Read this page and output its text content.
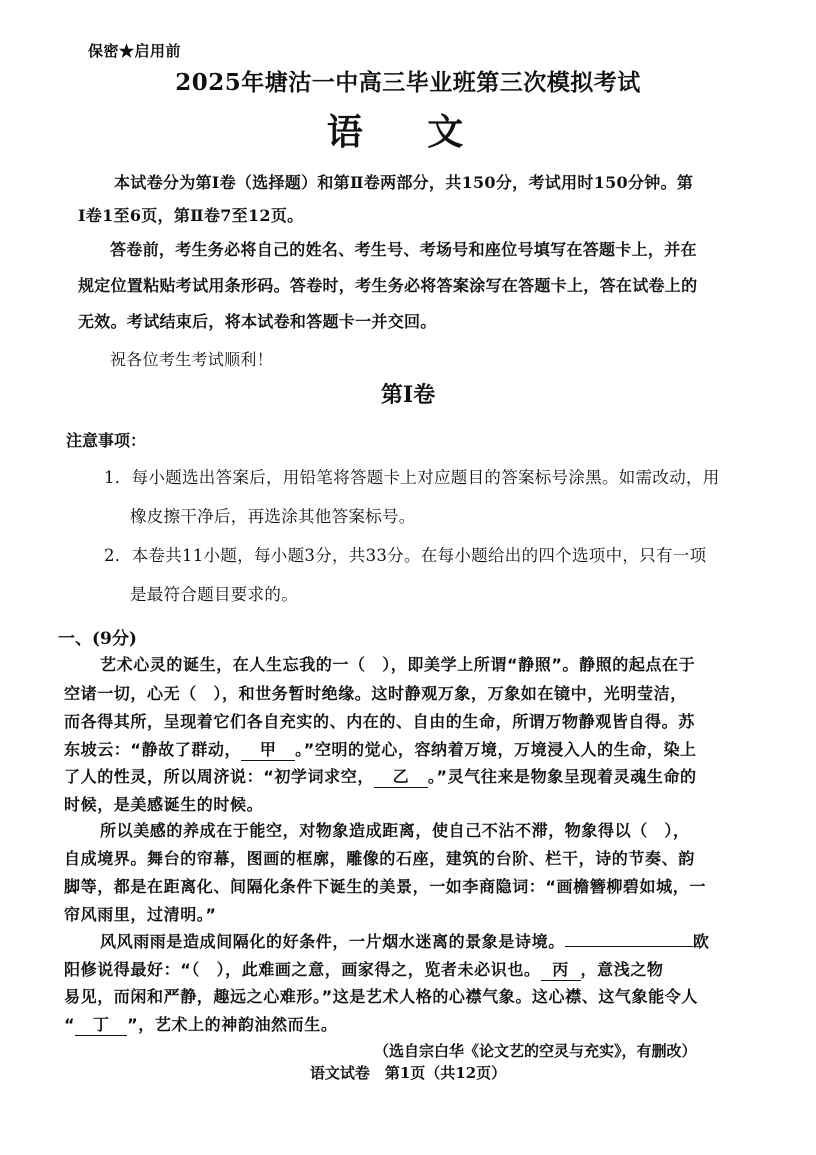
保密★启用前
2025年塘沽一中高三毕业班第三次模拟考试
语 文
本试卷分为第Ⅰ卷（选择题）和第Ⅱ卷两部分，共150分，考试用时150分钟。第
Ⅰ卷1至6页，第Ⅱ卷7至12页。
答卷前，考生务必将自己的姓名、考生号、考场号和座位号填写在答题卡上，并在
规定位置粘贴考试用条形码。答卷时，考生务必将答案涂写在答题卡上，答在试卷上的
无效。考试结束后，将本试卷和答题卡一并交回。
祝各位考生考试顺利！
第Ⅰ卷
注意事项：
1．每小题选出答案后，用铅笔将答题卡上对应题目的答案标号涂黑。如需改动，用
橡皮擦干净后，再选涂其他答案标号。
2．本卷共11小题，每小题3分，共33分。在每小题给出的四个选项中，只有一项
是最符合题目要求的。
一、(9分)
艺术心灵的诞生，在人生忘我的一（　），即美学上所谓“静照”。静照的起点在于
空诸一切，心无（　），和世务暂时绝缘。这时静观万象，万象如在镜中，光明莹洁，
而各得其所，呈现着它们各自充实的、内在的、自由的生命，所谓万物静观皆自得。苏
东坡云：“静故了群动， 甲 。”空明的觉心，容纳着万境，万境浸入人的生命，染上
了人的性灵，所以周济说：“初学词求空， 乙 。”灵气往来是物象呈现着灵魂生命的
时候，是美感诞生的时候。
所以美感的养成在于能空，对物象造成距离，使自己不沾不滞，物象得以（　），
自成境界。舞台的帘幕，图画的框廓，雕像的石座，建筑的台阶、栏干，诗的节奏、韵
脚等，都是在距离化、间隔化条件下诞生的美景，一如李商隐词：“画檐簪柳碧如城，一
帘风雨里，过清明。”
风风雨雨是造成间隔化的好条件，一片烟水迷离的景象是诗境。	欧
阳修说得最好：“（　），此难画之意，画家得之，览者未必识也。 丙 ，意浅之物
易见，而闲和严静，趣远之心难形。”这是艺术人格的心襟气象。这心襟、这气象能令人
“ 丁 ”，艺术上的神韵油然而生。
（选自宗白华《论文艺的空灵与充实》，有删改）
语文试卷　第1页（共12页）
